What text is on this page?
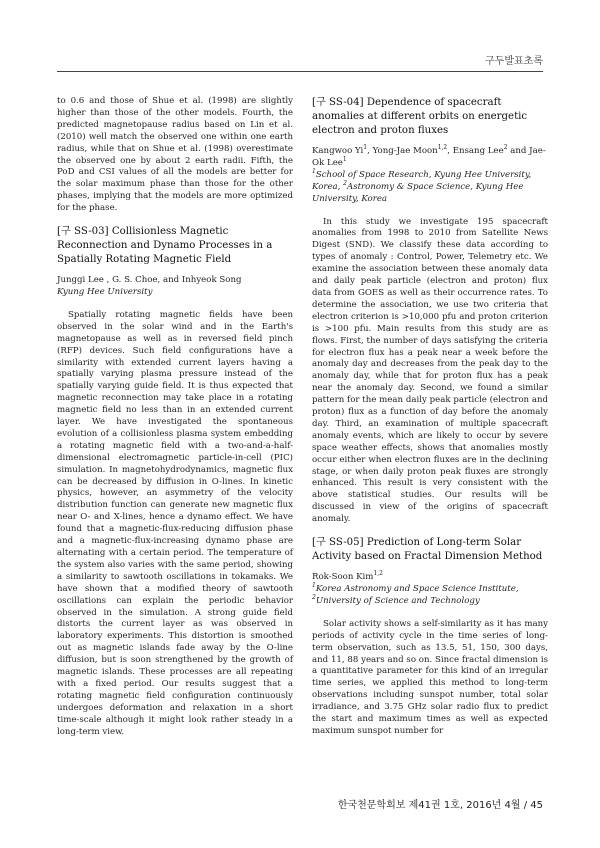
구두발표초록

to 0.6 and those of Shue et al. (1998) are slightly higher than those of the other models. Fourth, the predicted magnetopause radius based on Lin et al.(2010) well match the observed one within one earth radius, while that on Shue et al. (1998) overestimate the observed one by about 2 earth radii. Fifth, the PoD and CSI values of all the models are better for the solar maximum phase than those for the other phases, implying that the models are more optimized for the phase.

[구 SS-03] Collisionless Magnetic Reconnection and Dynamo Processes in a Spatially Rotating Magnetic Field

Junggi Lee , G. S. Choe, and Inhyeok Song

Kyung Hee University

Spatially rotating magnetic fields have been observed in the solar wind and in the Earth's magnetopause as well as in reversed field pinch (RFP) devices. Such field configurations have a similarity with extended current layers having a spatially varying plasma pressure instead of the spatially varying guide field. It is thus expected that magnetic reconnection may take place in a rotating magnetic field no less than in an extended current layer. We have investigated the spontaneous evolution of a collisionless plasma system embedding a rotating magnetic field with a two-and-a-half-dimensional electromagnetic particle-in-cell (PIC) simulation. In magnetohydrodynamics, magnetic flux can be decreased by diffusion in O-lines. In kinetic physics, however, an asymmetry of the velocity distribution function can generate new magnetic flux near O- and X-lines, hence a dynamo effect. We have found that a magnetic-flux-reducing diffusion phase and a magnetic-flux-increasing dynamo phase are alternating with a certain period. The temperature of the system also varies with the same period, showing a similarity to sawtooth oscillations in tokamaks. We have shown that a modified theory of sawtooth oscillations can explain the periodic behavior observed in the simulation. A strong guide field distorts the current layer as was observed in laboratory experiments. This distortion is smoothed out as magnetic islands fade away by the O-line diffusion, but is soon strengthened by the growth of magnetic islands. These processes are all repeating with a fixed period. Our results suggest that a rotating magnetic field configuration continuously undergoes deformation and relaxation in a short time-scale although it might look rather steady in a long-term view.

[구 SS-04] Dependence of spacecraft anomalies at different orbits on energetic electron and proton fluxes

Kangwoo Yi$^1$, Yong-Jae Moon$^{1,2}$, Ensang Lee$^2$ and Jae-Ok Lee$^1$

$^1$School of Space Research, Kyung Hee University, Korea, $^2$Astronomy & Space Science, Kyung Hee University, Korea

In this study we investigate 195 spacecraft anomalies from 1998 to 2010 from Satellite News Digest (SND). We classify these data according to types of anomaly : Control, Power, Telemetry etc. We examine the association between these anomaly data and daily peak particle (electron and proton) flux data from GOES as well as their occurrence rates. To determine the association, we use two criteria that electron criterion is >10,000 pfu and proton criterion is >100 pfu. Main results from this study are as flows. First, the number of days satisfying the criteria for electron flux has a peak near a week before the anomaly day and decreases from the peak day to the anomaly day, while that for proton flux has a peak near the anomaly day. Second, we found a similar pattern for the mean daily peak particle (electron and proton) flux as a function of day before the anomaly day. Third, an examination of multiple spacecraft anomaly events, which are likely to occur by severe space weather effects, shows that anomalies mostly occur either when electron fluxes are in the declining stage, or when daily proton peak fluxes are strongly enhanced. This result is very consistent with the above statistical studies. Our results will be discussed in view of the origins of spacecraft anomaly.

[구 SS-05] Prediction of Long-term Solar Activity based on Fractal Dimension Method

Rok-Soon Kim$^{1,2}$

$^1$Korea Astronomy and Space Science Institute,
$^2$University of Science and Technology

Solar activity shows a self-similarity as it has many periods of activity cycle in the time series of long-term observation, such as 13.5, 51, 150, 300 days, and 11, 88 years and so on. Since fractal dimension is a quantitative parameter for this kind of an irregular time series, we applied this method to long-term observations including sunspot number, total solar irradiance, and 3.75 GHz solar radio flux to predict the start and maximum times as well as expected maximum sunspot number for

한국천문학회보 제41권 1호, 2016년 4월 / 45
